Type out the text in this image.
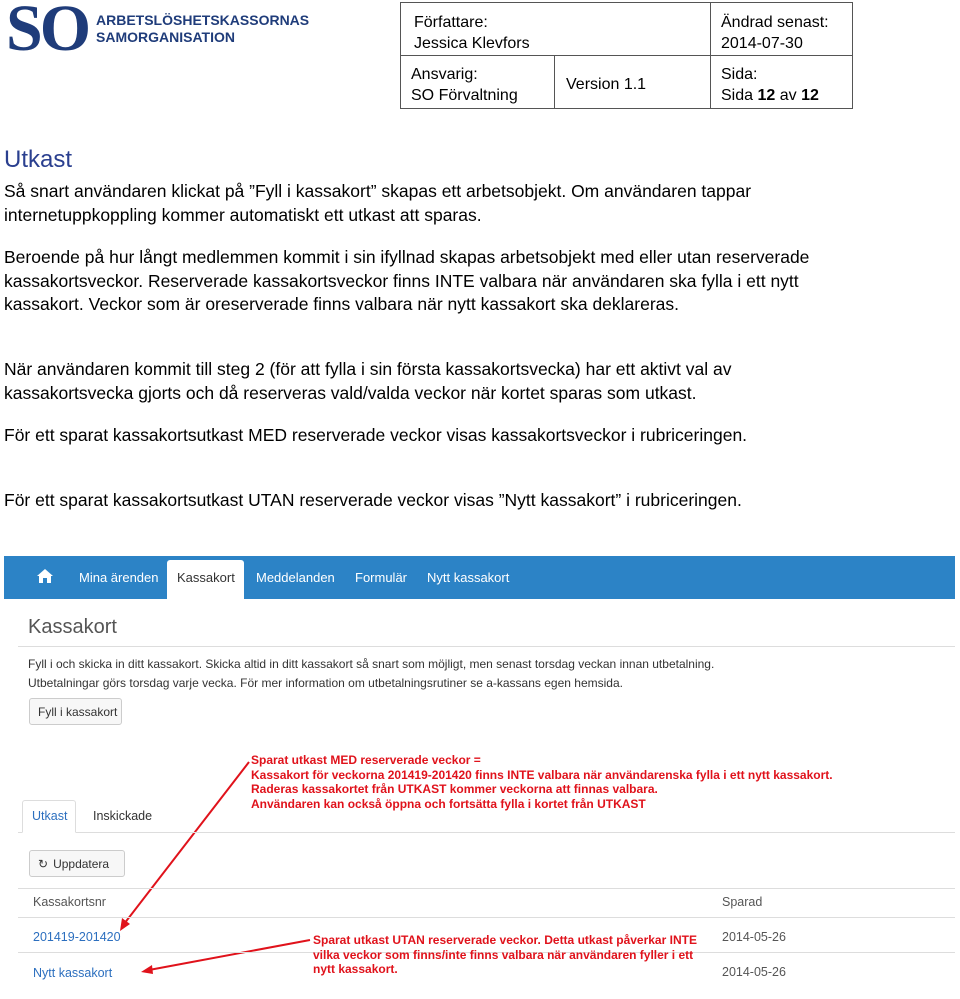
SO ARBETSLÖSHETSKASSORNAS
SAMORGANISATION
Författare:
Jessica Klevfors
Ändrad senast:
2014-07-30
Ansvarig:
SO Förvaltning
Version 1.1
Sida:
Sida 12 av 12
Utkast
Så snart användaren klickat på ”Fyll i kassakort” skapas ett arbetsobjekt. Om användaren tappar internetuppkoppling kommer automatiskt ett utkast att sparas.
Beroende på hur långt medlemmen kommit i sin ifyllnad skapas arbetsobjekt med eller utan reserverade kassakortsveckor. Reserverade kassakortsveckor finns INTE valbara när användaren ska fylla i ett nytt kassakort. Veckor som är oreserverade finns valbara när nytt kassakort ska deklareras.
När användaren kommit till steg 2 (för att fylla i sin första kassakortsvecka) har ett aktivt val av kassakortsvecka gjorts och då reserveras vald/valda veckor när kortet sparas som utkast.
För ett sparat kassakortsutkast MED reserverade veckor visas kassakortsveckor i rubriceringen.
För ett sparat kassakortsutkast UTAN reserverade veckor visas ”Nytt kassakort” i rubriceringen.
Mina ärenden Kassakort Meddelanden Formulär Nytt kassakort
Kassakort
Fyll i och skicka in ditt kassakort. Skicka altid in ditt kassakort så snart som möjligt, men senast torsdag veckan innan utbetalning.
Utbetalningar görs torsdag varje vecka. För mer information om utbetalningsrutiner se a-kassans egen hemsida.
Fyll i kassakort
Sparat utkast MED reserverade veckor =
Kassakort för veckorna 201419-201420 finns INTE valbara när användarenska fylla i ett nytt kassakort.
Raderas kassakortet från UTKAST kommer veckorna att finnas valbara.
Användaren kan också öppna och fortsätta fylla i kortet från UTKAST
Utkast Inskickade
↻ Uppdatera
Kassakortsnr	Sparad
201419-201420	2014-05-26
Nytt kassakort	2014-05-26
Sparat utkast UTAN reserverade veckor. Detta utkast påverkar INTE
vilka veckor som finns/inte finns valbara när användaren fyller i ett
nytt kassakort.
